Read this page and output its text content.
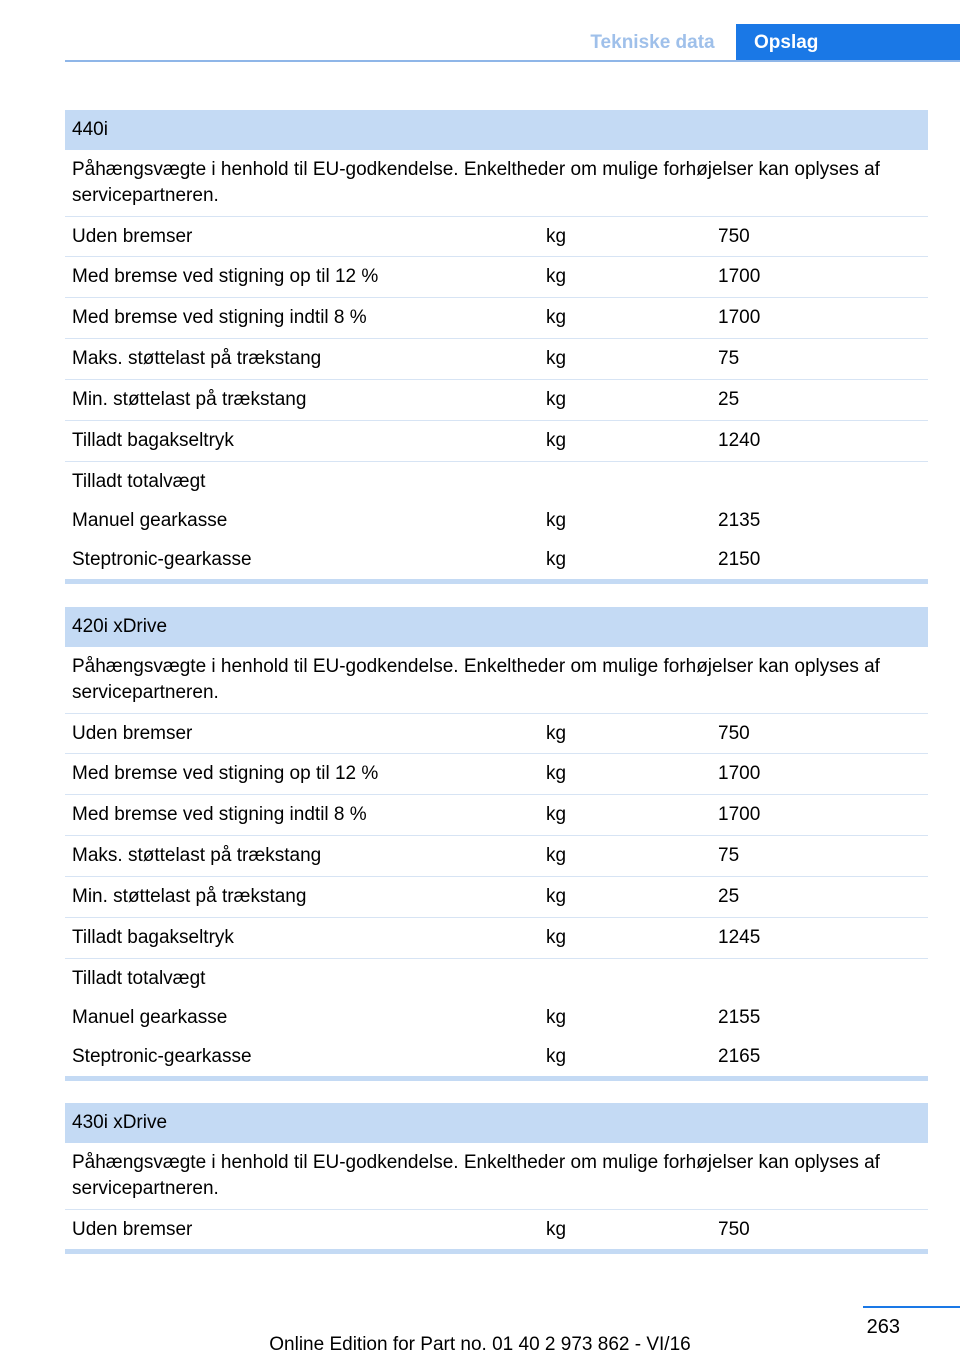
Tekniske data	Opslag
440i
Påhængsvægte i henhold til EU-godkendelse. Enkeltheder om mulige forhøjelser kan oplyses af servicepartneren.
Uden bremser	kg	750
Med bremse ved stigning op til 12 %	kg	1700
Med bremse ved stigning indtil 8 %	kg	1700
Maks. støttelast på trækstang	kg	75
Min. støttelast på trækstang	kg	25
Tilladt bagakseltryk	kg	1240
Tilladt totalvægt
Manuel gearkasse	kg	2135
Steptronic-gearkasse	kg	2150
420i xDrive
Påhængsvægte i henhold til EU-godkendelse. Enkeltheder om mulige forhøjelser kan oplyses af servicepartneren.
Uden bremser	kg	750
Med bremse ved stigning op til 12 %	kg	1700
Med bremse ved stigning indtil 8 %	kg	1700
Maks. støttelast på trækstang	kg	75
Min. støttelast på trækstang	kg	25
Tilladt bagakseltryk	kg	1245
Tilladt totalvægt
Manuel gearkasse	kg	2155
Steptronic-gearkasse	kg	2165
430i xDrive
Påhængsvægte i henhold til EU-godkendelse. Enkeltheder om mulige forhøjelser kan oplyses af servicepartneren.
Uden bremser	kg	750
263
Online Edition for Part no. 01 40 2 973 862 - VI/16
